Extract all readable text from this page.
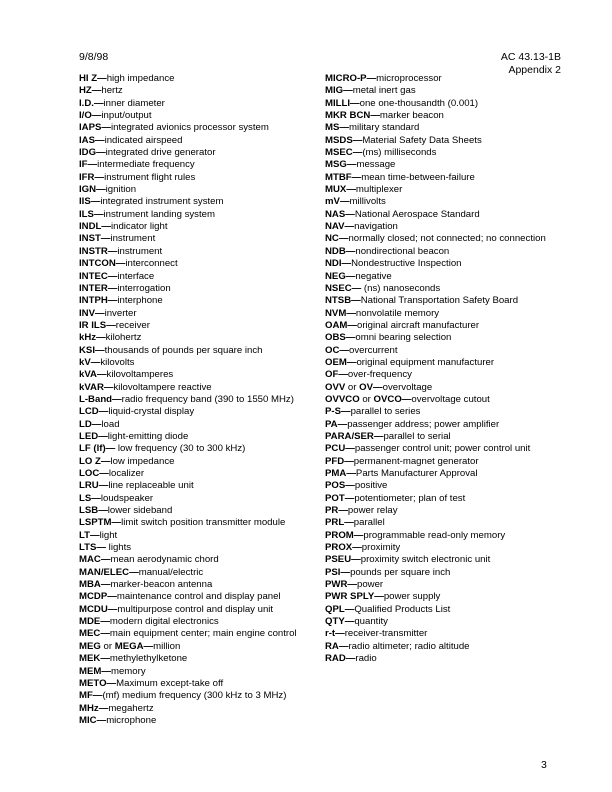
9/8/98	AC 43.13-1B
Appendix 2
HI Z—high impedance
HZ—hertz
I.D.—inner diameter
I/O—input/output
IAPS—integrated avionics processor system
IAS—indicated airspeed
IDG—integrated drive generator
IF—intermediate frequency
IFR—instrument flight rules
IGN—ignition
IIS—integrated instrument system
ILS—instrument landing system
INDL—indicator light
INST—instrument
INSTR—instrument
INTCON—interconnect
INTEC—interface
INTER—interrogation
INTPH—interphone
INV—inverter
IR ILS—receiver
kHz—kilohertz
KSI—thousands of pounds per square inch
kV—kilovolts
kVA—kilovoltamperes
kVAR—kilovoltampere reactive
L-Band—radio frequency band (390 to 1550 MHz)
LCD—liquid-crystal display
LD—load
LED—light-emitting diode
LF (lf)— low frequency (30 to 300 kHz)
LO Z—low impedance
LOC—localizer
LRU—line replaceable unit
LS—loudspeaker
LSB—lower sideband
LSPTM—limit switch position transmitter module
LT—light
LTS— lights
MAC—mean aerodynamic chord
MAN/ELEC—manual/electric
MBA—marker-beacon antenna
MCDP—maintenance control and display panel
MCDU—multipurpose control and display unit
MDE—modern digital electronics
MEC—main equipment center; main engine control
MEG or MEGA—million
MEK—methylethylketone
MEM—memory
METO—Maximum except-take off
MF—(mf) medium frequency (300 kHz to 3 MHz)
MHz—megahertz
MIC—microphone
MICRO-P—microprocessor
MIG—metal inert gas
MILLI—one one-thousandth (0.001)
MKR BCN—marker beacon
MS—military standard
MSDS—Material Safety Data Sheets
MSEC—(ms) milliseconds
MSG—message
MTBF—mean time-between-failure
MUX—multiplexer
mV—millivolts
NAS—National Aerospace Standard
NAV—navigation
NC—normally closed; not connected; no connection
NDB—nondirectional beacon
NDI—Nondestructive Inspection
NEG—negative
NSEC— (ns) nanoseconds
NTSB—National Transportation Safety Board
NVM—nonvolatile memory
OAM—original aircraft manufacturer
OBS—omni bearing selection
OC—overcurrent
OEM—original equipment manufacturer
OF—over-frequency
OVV or OV—overvoltage
OVVCO or OVCO—overvoltage cutout
P-S—parallel to series
PA—passenger address; power amplifier
PARA/SER—parallel to serial
PCU—passenger control unit; power control unit
PFD—permanent-magnet generator
PMA—Parts Manufacturer Approval
POS—positive
POT—potentiometer; plan of test
PR—power relay
PRL—parallel
PROM—programmable read-only memory
PROX—proximity
PSEU—proximity switch electronic unit
PSI—pounds per square inch
PWR—power
PWR SPLY—power supply
QPL—Qualified Products List
QTY—quantity
r-t—receiver-transmitter
RA—radio altimeter; radio altitude
RAD—radio
3
